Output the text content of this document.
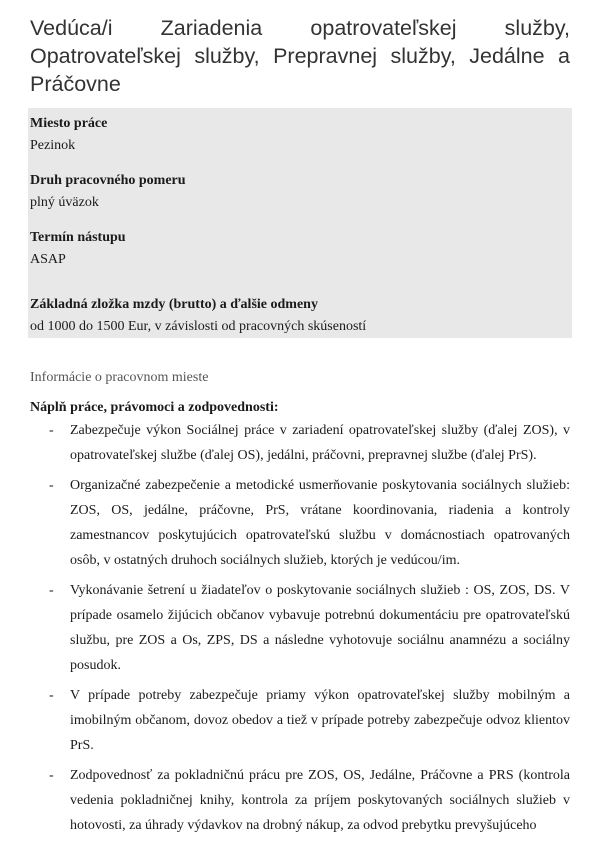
Vedúca/i Zariadenia opatrovateľskej služby, Opatrovateľskej služby, Prepravnej služby, Jedálne a Práčovne
Miesto práce
Pezinok
Druh pracovného pomeru
plný úväzok
Termín nástupu
ASAP
Základná zložka mzdy (brutto) a ďalšie odmeny
od 1000 do 1500 Eur, v závislosti od pracovných skúseností
Informácie o pracovnom mieste
Náplň práce, právomoci a zodpovednosti:
- Zabezpečuje výkon Sociálnej práce v zariadení opatrovateľskej služby (ďalej ZOS), v opatrovateľskej službe (ďalej OS), jedálni, práčovni, prepravnej službe (ďalej PrS).
- Organizačné zabezpečenie a metodické usmerňovanie poskytovania sociálnych služieb: ZOS, OS, jedálne, práčovne, PrS, vrátane koordinovania, riadenia a kontroly zamestnancov poskytujúcich opatrovateľskú službu v domácnostiach opatrovaných osôb, v ostatných druhoch sociálnych služieb, ktorých je vedúcou/im.
- Vykonávanie šetrení u žiadateľov o poskytovanie sociálnych služieb : OS, ZOS, DS. V prípade osamelo žijúcich občanov vybavuje potrebnú dokumentáciu pre opatrovateľskú službu, pre ZOS a Os, ZPS, DS a následne vyhotovuje sociálnu anamnézu a sociálny posudok.
- V prípade potreby zabezpečuje priamy výkon opatrovateľskej služby mobilným a imobilným občanom, dovoz obedov a tiež v prípade potreby zabezpečuje odvoz klientov PrS.
- Zodpovednosť za pokladničnú prácu pre ZOS, OS, Jedálne, Práčovne a PRS (kontrola vedenia pokladničnej knihy, kontrola za príjem poskytovaných sociálnych služieb v hotovosti, za úhrady výdavkov na drobný nákup, za odvod prebytku prevyšujúceho
